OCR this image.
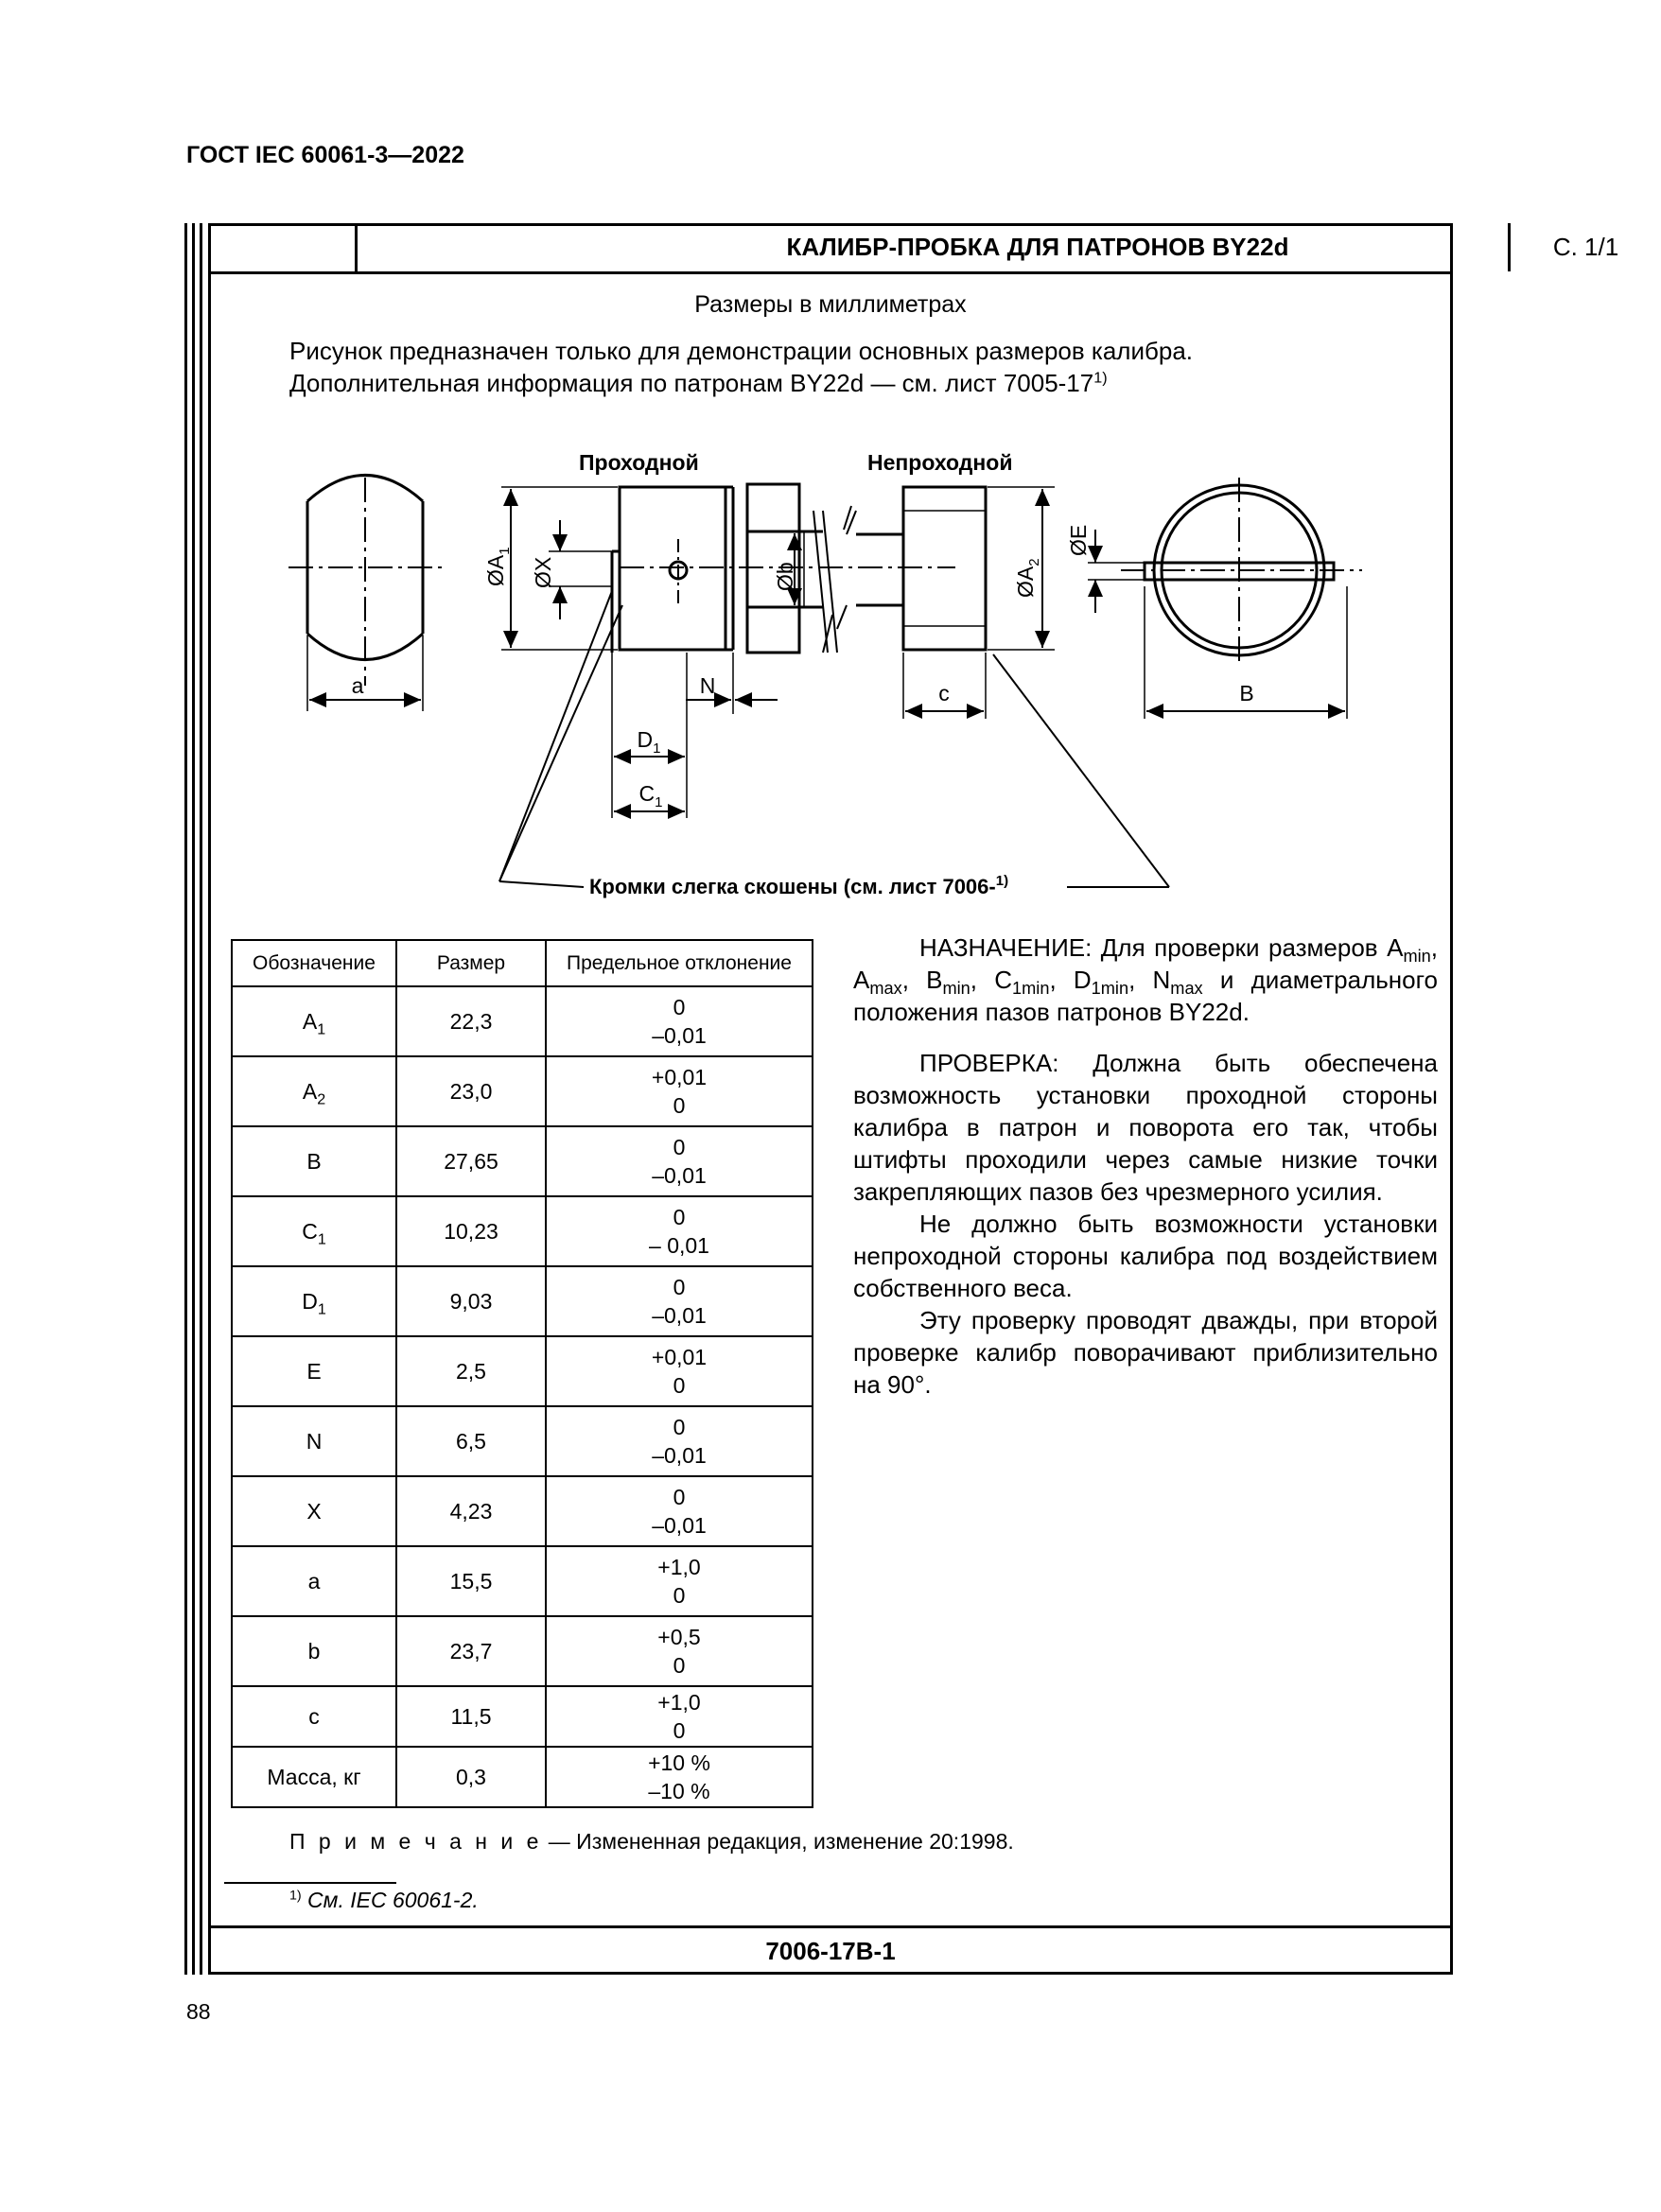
ГОСТ IEC 60061-3—2022
КАЛИБР-ПРОБКА ДЛЯ ПАТРОНОВ BY22d	С. 1/1
Размеры в миллиметрах
Рисунок предназначен только для демонстрации основных размеров калибра.
Дополнительная информация по патронам BY22d — см. лист 7005-17$^{1)}$
Проходной	Непроходной
a
$ØA_1$
ØX	Øb	$ØA_2$
ØE
N
$D_1$
$C_1$
c	B
Кромки слегка скошены (см. лист 7006-$^{1)}$
Обозначение	Размер	Предельное отклонение
$A_1$	22,3	0
–0,01

$A_2$	23,0	+0,01
0

B	27,65	0
–0,01

$C_1$	10,23	0
– 0,01

$D_1$	9,03	0
–0,01

E	2,5	+0,01
0

N	6,5	0
–0,01

X	4,23	0
–0,01

a	15,5	+1,0
0

b	23,7	+0,5
0

c	11,5	+1,0
0

Масса, кг	0,3	+10 %
–10 %

НАЗНАЧЕНИЕ: Для проверки размеров $A_{min}$, $A_{max}$, $B_{min}$, $C_{1min}$, $D_{1min}$, $N_{max}$ и диаметрального положения пазов патронов BY22d.

ПРОВЕРКА: Должна быть обеспечена возможность установки проходной стороны калибра в патрон и поворота его так, чтобы штифты проходили через самые низкие точки закрепляющих пазов без чрезмерного усилия.

Не должно быть возможности установки непроходной стороны калибра под воздействием собственного веса.

Эту проверку проводят дважды, при второй проверке калибр поворачивают приблизительно на 90°.

П р и м е ч а н и е — Измененная редакция, изменение 20:1998.
$^{1)}$ См. IEC 60061-2.
7006-17B-1
88
